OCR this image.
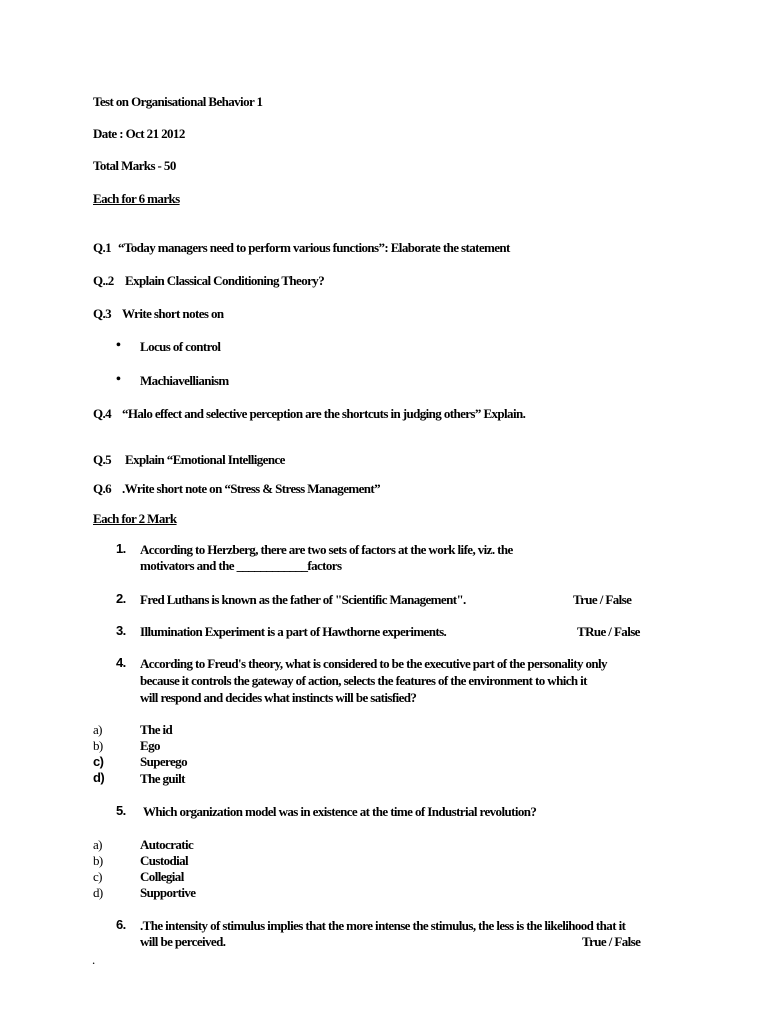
Test on Organisational Behavior 1
Date : Oct 21 2012
Total Marks - 50
Each for 6 marks
Q.1 “Today managers need to perform various functions”: Elaborate the statement
Q..2 Explain Classical Conditioning Theory?
Q.3 Write short notes on
• Locus of control
• Machiavellianism
Q.4 “Halo effect and selective perception are the shortcuts in judging others” Explain.
Q.5 Explain “Emotional Intelligence
Q.6 .Write short note on “Stress & Stress Management”
Each for 2 Mark
1. According to Herzberg, there are two sets of factors at the work life, viz. the
motivators and the ____________factors
2. Fred Luthans is known as the father of "Scientific Management".	True / False
3. Illumination Experiment is a part of Hawthorne experiments.	TRue / False
4. According to Freud's theory, what is considered to be the executive part of the personality only
because it controls the gateway of action, selects the features of the environment to which it
will respond and decides what instincts will be satisfied?
a)	The id
b)	Ego
c)	Superego
d)	The guilt
5. Which organization model was in existence at the time of Industrial revolution?
a)	Autocratic
b)	Custodial
c)	Collegial
d)	Supportive
6. .The intensity of stimulus implies that the more intense the stimulus, the less is the likelihood that it
will be perceived.	True / False
.
